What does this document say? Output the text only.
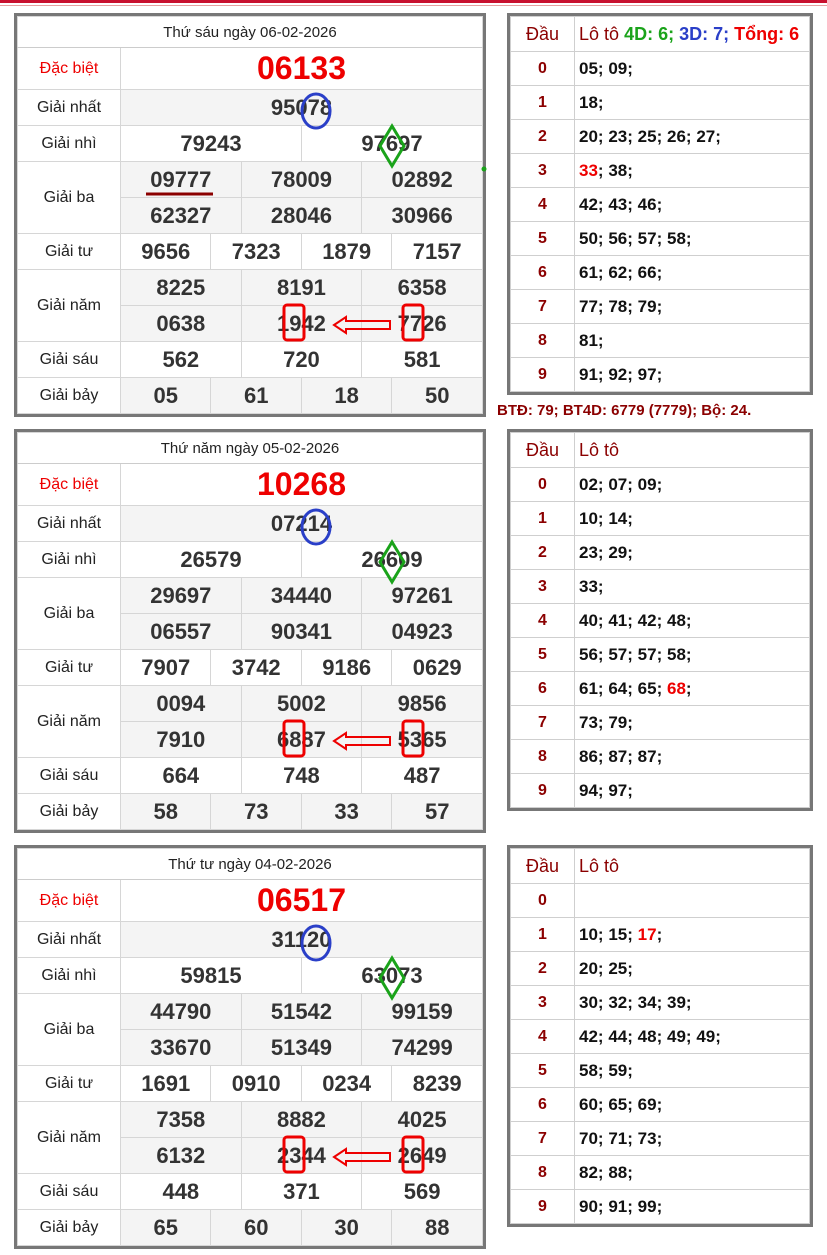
Thứ sáu ngày 06-02-2026						
Đặc biệt	06133					
Giải nhất	95078					
Giải nhì	79243			97697		
Giải ba	09777		78009		02892	
	62327		28046		30966	
Giải tư	9656	7323		1879		7157
Giải năm	8225		8191		6358	
	0638		1942		7726	
Giải sáu	562		720		581	
Giải bảy	05	61		18		50
Đầu	Lô tô 4D: 6; 3D: 7; Tổng: 6
0	05; 09;
1	18;
2	20; 23; 25; 26; 27;
3	33; 38;
4	42; 43; 46;
5	50; 56; 57; 58;
6	61; 62; 66;
7	77; 78; 79;
8	81;
9	91; 92; 97;
Thứ năm ngày 05-02-2026						
Đặc biệt	10268					
Giải nhất	07214					
Giải nhì	26579			26609		
Giải ba	29697		34440		97261	
	06557		90341		04923	
Giải tư	7907	3742		9186		0629
Giải năm	0094		5002		9856	
	7910		6887		5365	
Giải sáu	664		748		487	
Giải bảy	58	73		33		57
Đầu	Lô tô
0	02; 07; 09;
1	10; 14;
2	23; 29;
3	33;
4	40; 41; 42; 48;
5	56; 57; 57; 58;
6	61; 64; 65; 68;
7	73; 79;
8	86; 87; 87;
9	94; 97;
Thứ tư ngày 04-02-2026						
Đặc biệt	06517					
Giải nhất	31120					
Giải nhì	59815			63073		
Giải ba	44790		51542		99159	
	33670		51349		74299	
Giải tư	1691	0910		0234		8239
Giải năm	7358		8882		4025	
	6132		2344		2649	
Giải sáu	448		371		569	
Giải bảy	65	60		30		88
Đầu	Lô tô
0	
1	10; 15; 17;
2	20; 25;
3	30; 32; 34; 39;
4	42; 44; 48; 49; 49;
5	58; 59;
6	60; 65; 69;
7	70; 71; 73;
8	82; 88;
9	90; 91; 99;
BTĐ: 79; BT4D: 6779 (7779); Bộ: 24.
